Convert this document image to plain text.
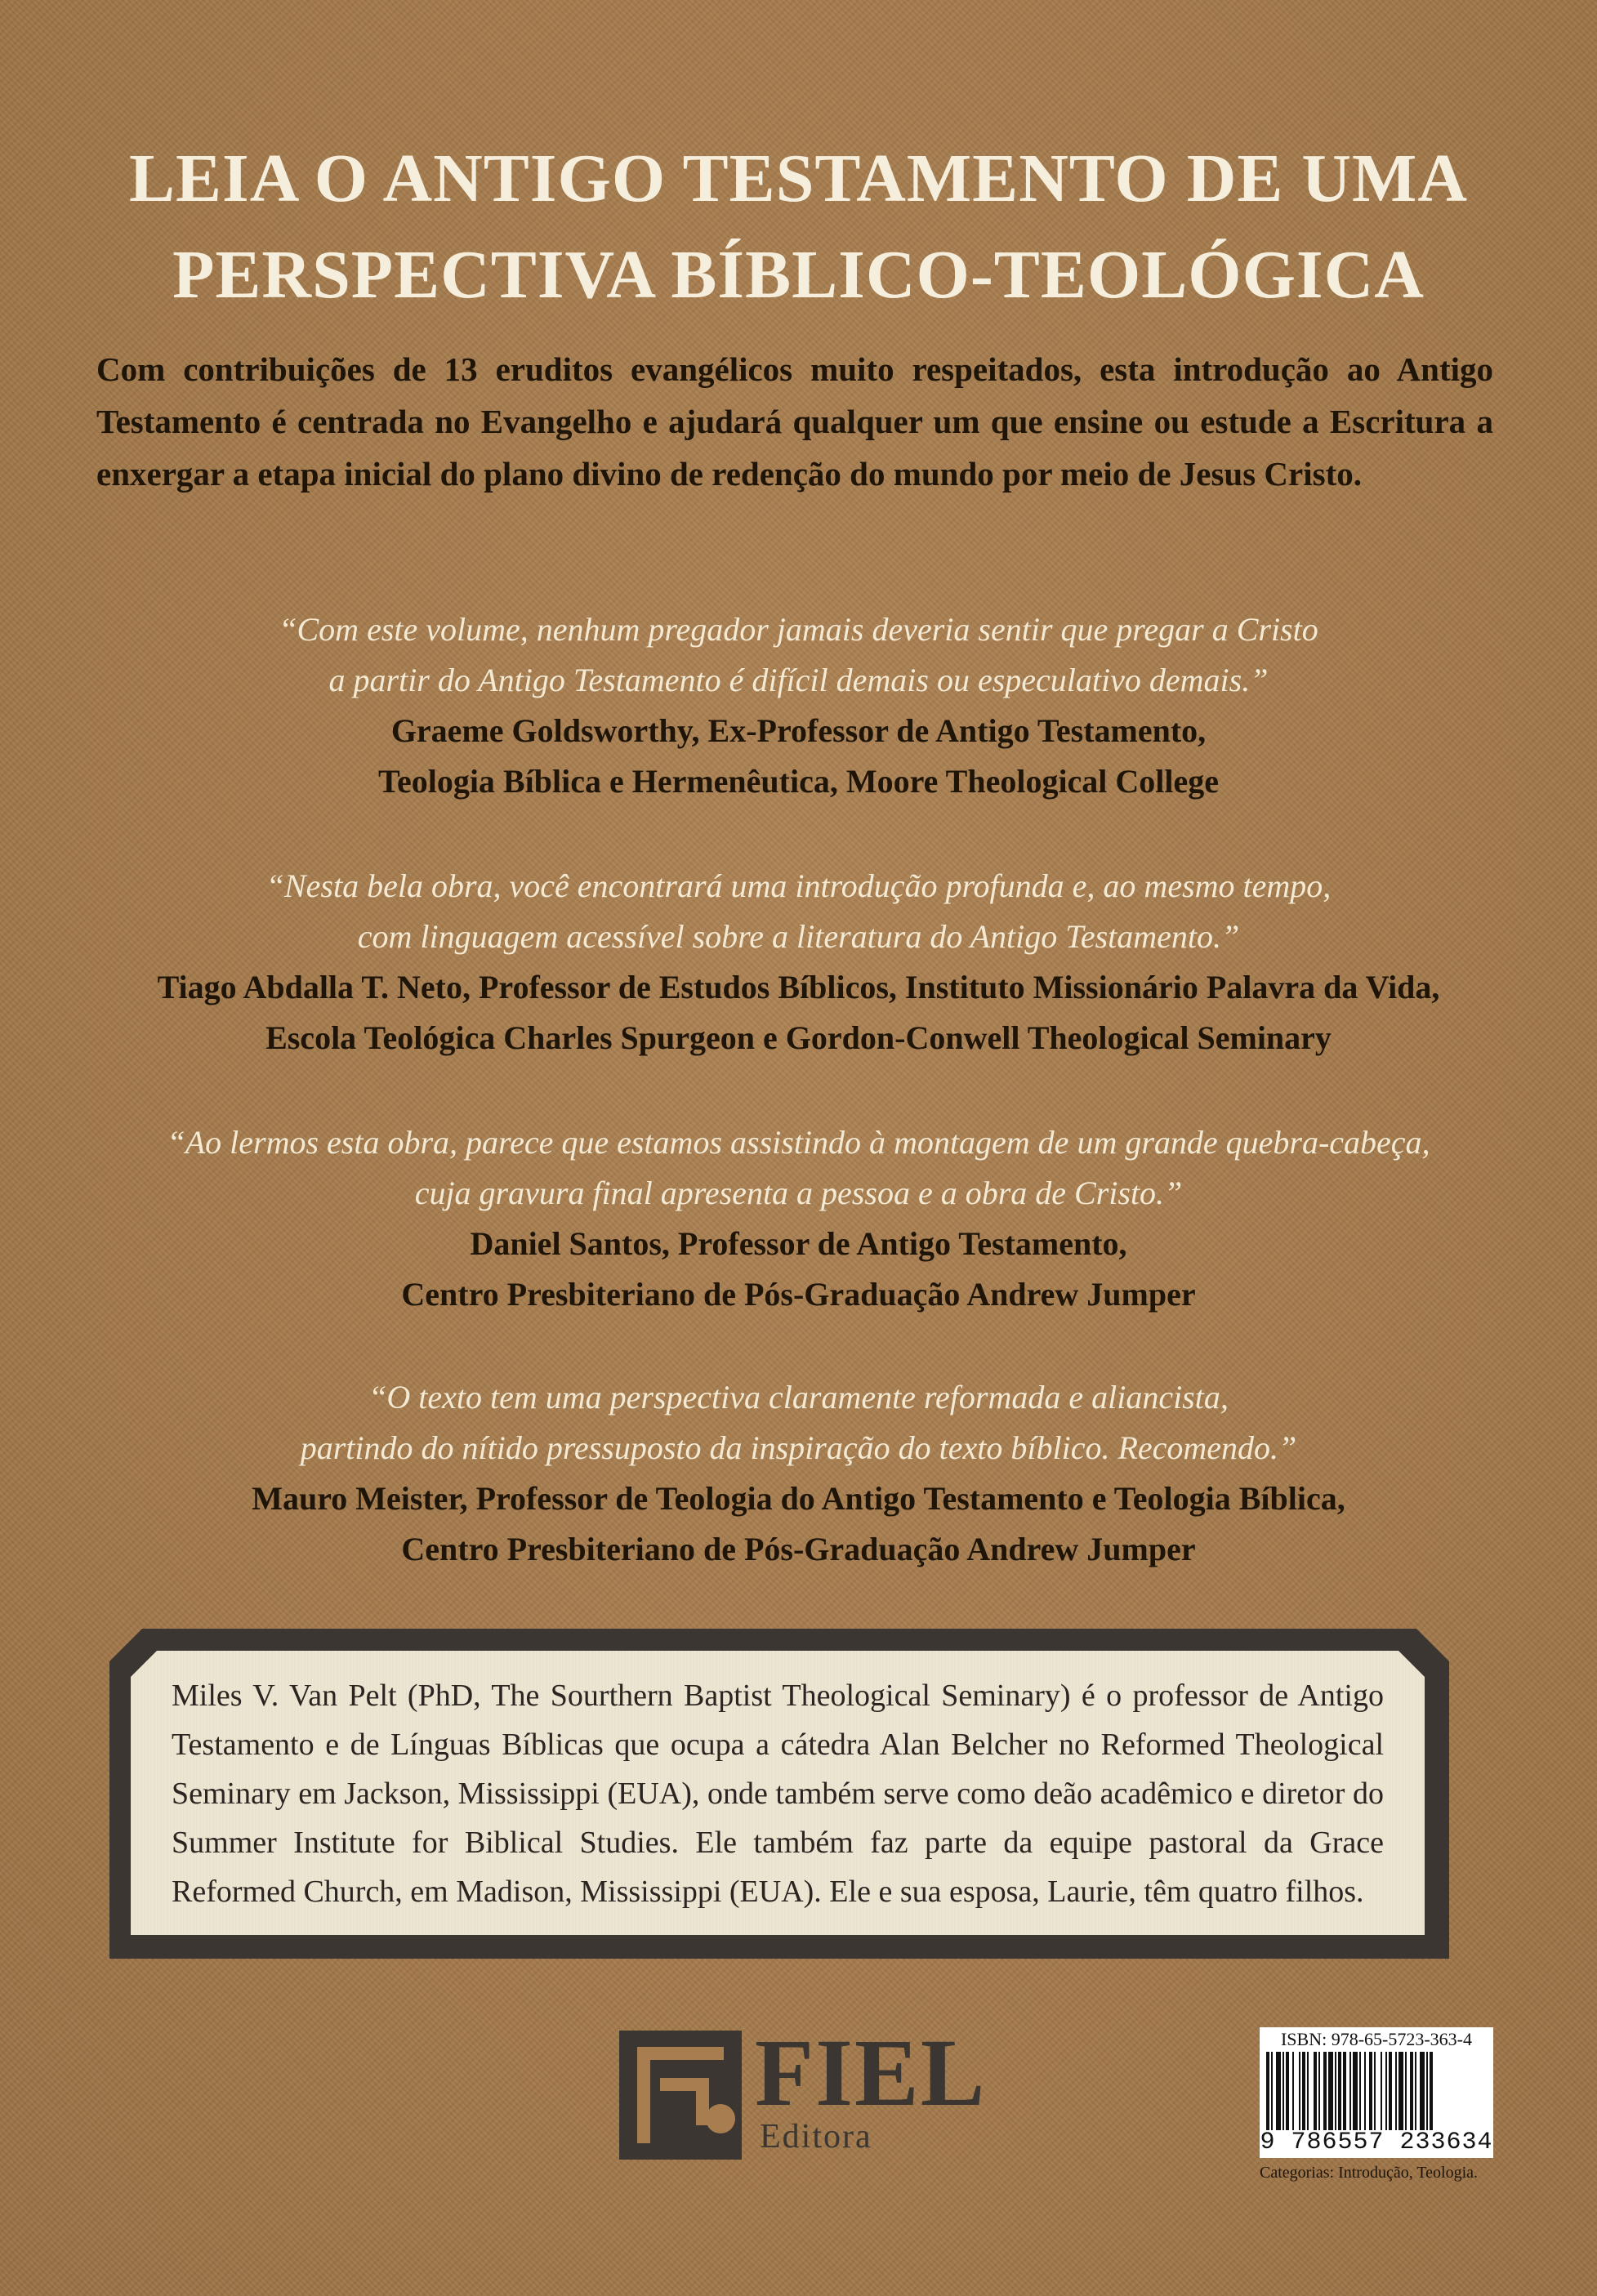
LEIA O ANTIGO TESTAMENTO DE UMA
PERSPECTIVA BÍBLICO-TEOLÓGICA
Com contribuições de 13 eruditos evangélicos muito respeitados, esta introdução ao Antigo Testamento é centrada no Evangelho e ajudará qualquer um que ensine ou estude a Escritura a enxergar a etapa inicial do plano divino de redenção do mundo por meio de Jesus Cristo.
“Com este volume, nenhum pregador jamais deveria sentir que pregar a Cristo
a partir do Antigo Testamento é difícil demais ou especulativo demais.”
Graeme Goldsworthy, Ex-Professor de Antigo Testamento,
Teologia Bíblica e Hermenêutica, Moore Theological College
“Nesta bela obra, você encontrará uma introdução profunda e, ao mesmo tempo,
com linguagem acessível sobre a literatura do Antigo Testamento.”
Tiago Abdalla T. Neto, Professor de Estudos Bíblicos, Instituto Missionário Palavra da Vida,
Escola Teológica Charles Spurgeon e Gordon-Conwell Theological Seminary
“Ao lermos esta obra, parece que estamos assistindo à montagem de um grande quebra-cabeça,
cuja gravura final apresenta a pessoa e a obra de Cristo.”
Daniel Santos, Professor de Antigo Testamento,
Centro Presbiteriano de Pós-Graduação Andrew Jumper
“O texto tem uma perspectiva claramente reformada e aliancista,
partindo do nítido pressuposto da inspiração do texto bíblico. Recomendo.”
Mauro Meister, Professor de Teologia do Antigo Testamento e Teologia Bíblica,
Centro Presbiteriano de Pós-Graduação Andrew Jumper
Miles V. Van Pelt (PhD, The Sourthern Baptist Theological Seminary) é o professor de Antigo Testamento e de Línguas Bíblicas que ocupa a cátedra Alan Belcher no Reformed Theological Seminary em Jackson, Mississippi (EUA), onde também serve como deão acadêmico e diretor do Summer Institute for Biblical Studies. Ele também faz parte da equipe pastoral da Grace Reformed Church, em Madison, Mississippi (EUA). Ele e sua esposa, Laurie, têm quatro filhos.
FIEL
Editora
ISBN: 978-65-5723-363-4
9 786557 233634
Categorias: Introdução, Teologia.
